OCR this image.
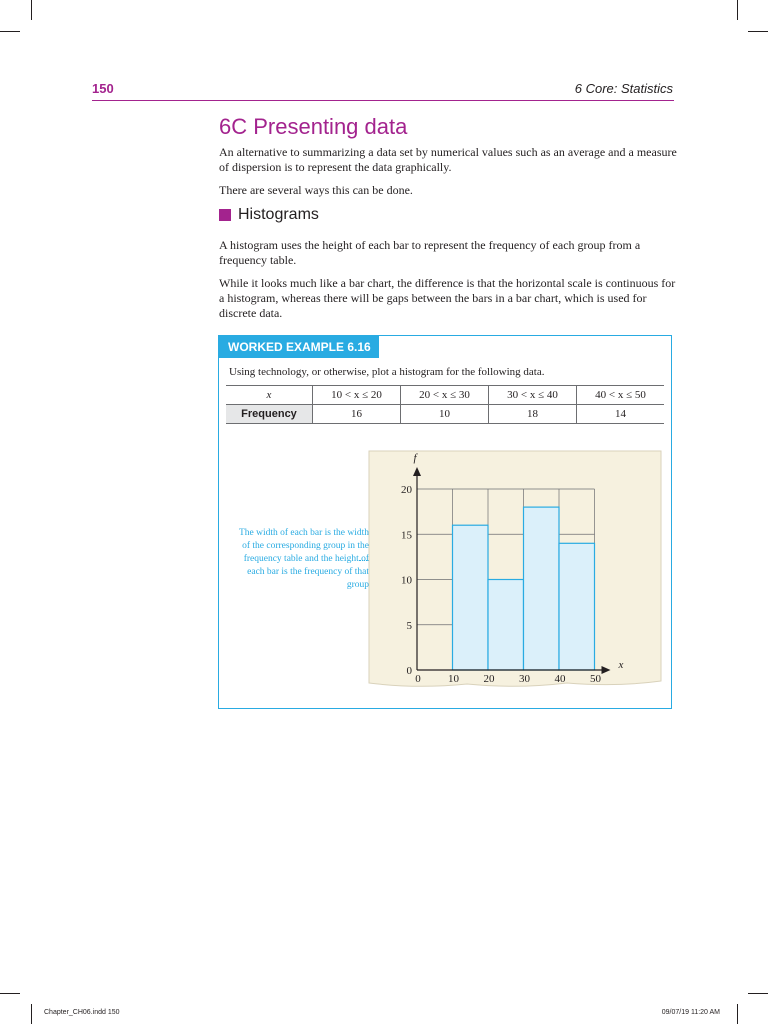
150	6 Core: Statistics
6C Presenting data

An alternative to summarizing a data set by numerical values such as an average and a measure of dispersion is to represent the data graphically.

There are several ways this can be done.

Histograms

A histogram uses the height of each bar to represent the frequency of each group from a frequency table.

While it looks much like a bar chart, the difference is that the horizontal scale is continuous for a histogram, whereas there will be gaps between the bars in a bar chart, which is used for discrete data.

WORKED EXAMPLE 6.16

Using technology, or otherwise, plot a histogram for the following data.

x	10 < x ≤ 20	20 < x ≤ 30	30 < x ≤ 40	40 < x ≤ 50
Frequency	16	10	18	14

The width of each bar is the width of the corresponding group in the frequency table and the height of each bar is the frequency of that group

0 10 20 30 40 50
0
5
10
15
20
x
f
Chapter_CH06.indd 150	09/07/19 11:20 AM
